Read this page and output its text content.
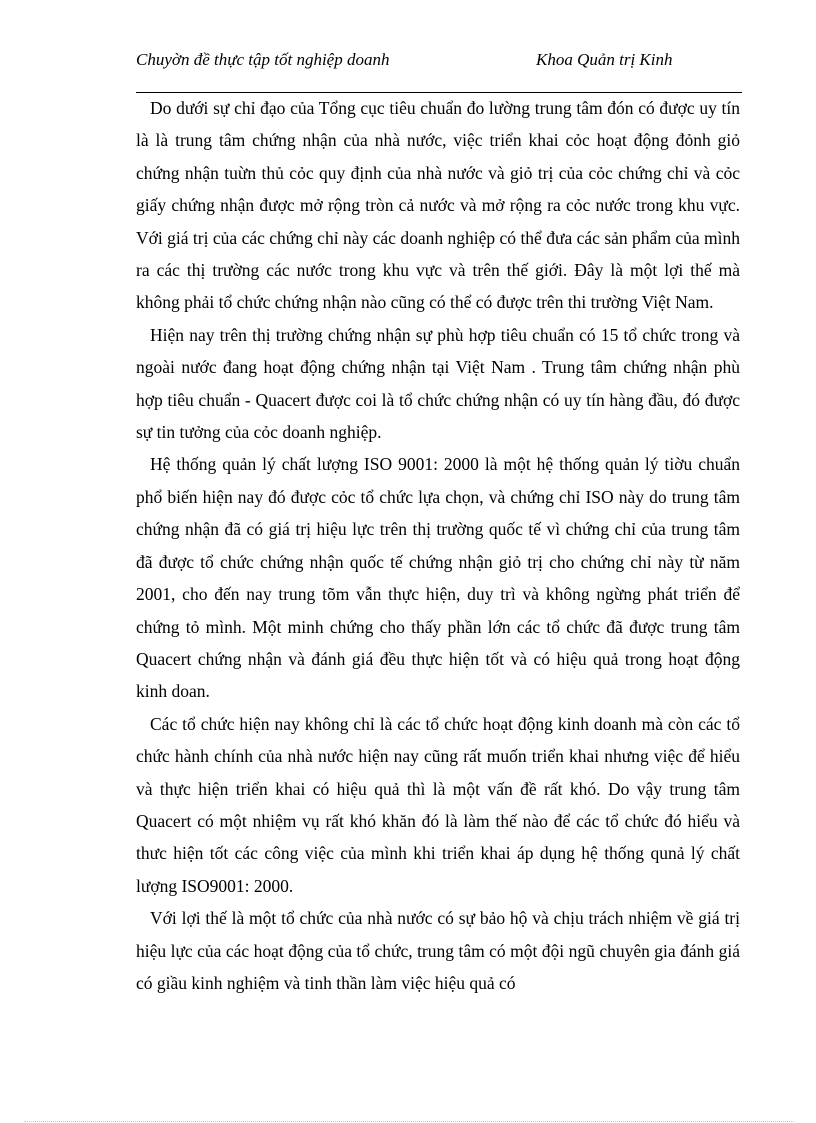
Chuyờn đề thực tập tốt nghiệp doanh	Khoa Quản trị Kinh

Do dưới sự chỉ đạo của Tổng cục tiêu chuẩn đo lường trung tâm đón có được uy tín là là trung tâm chứng nhận của nhà nước, việc triển khai cỏc hoạt động đỏnh giỏ chứng nhận tuừn thủ cỏc quy định của nhà nước và giỏ trị của cỏc chứng chỉ và cỏc giấy chứng nhận được mở rộng tròn cả nước và mở rộng ra cỏc nước trong khu vực. Với giá trị của các chứng chỉ này các doanh nghiệp có thể đưa các sản phẩm của mình ra các thị trường các nước trong khu vực và trên thế giới. Đây là một lợi thế mà không phải tổ chức chứng nhận nào cũng có thể có được trên thi trường Việt Nam.

Hiện nay trên thị trường chứng nhận sự phù hợp tiêu chuẩn có 15 tổ chức trong và ngoài nước đang hoạt động chứng nhận tại Việt Nam . Trung tâm chứng nhận phù hợp tiêu chuẩn - Quacert được coi là tổ chức chứng nhận có uy tín hàng đầu, đó được sự tin tưởng của cỏc doanh nghiệp.

Hệ thống quản lý chất lượng ISO 9001: 2000 là một hệ thống quản lý tiờu chuẩn phổ biến hiện nay đó được cỏc tổ chức lựa chọn, và chứng chỉ ISO này do trung tâm chứng nhận đã có giá trị hiệu lực trên thị trường quốc tế vì chứng chỉ của trung tâm đã được tổ chức chứng nhận quốc tế chứng nhận giỏ trị cho chứng chỉ này từ năm 2001, cho đến nay trung tõm vẫn thực hiện, duy trì và không ngừng phát triển để chứng tỏ mình. Một minh chứng cho thấy phần lớn các tổ chức đã được trung tâm Quacert chứng nhận và đánh giá đều thực hiện tốt và có hiệu quả trong hoạt động kinh doan.

Các tổ chức hiện nay không chỉ là các tổ chức hoạt động kinh doanh mà còn các tổ chức hành chính của nhà nước hiện nay cũng rất muốn triển khai nhưng việc để hiểu và thực hiện triển khai có hiệu quả thì là một vấn đề rất khó. Do vậy trung tâm Quacert có một nhiệm vụ rất khó khăn đó là làm thế nào để các tổ chức đó hiểu và thưc hiện tốt các công việc của mình khi triển khai áp dụng hệ thống qunả lý chất lượng ISO9001: 2000.

Với lợi thế là một tổ chức của nhà nước có sự bảo hộ và chịu trách nhiệm về giá trị hiệu lực của các hoạt động của tổ chức, trung tâm có một đội ngũ chuyên gia đánh giá có giầu kinh nghiệm và tinh thần làm việc hiệu quả có
